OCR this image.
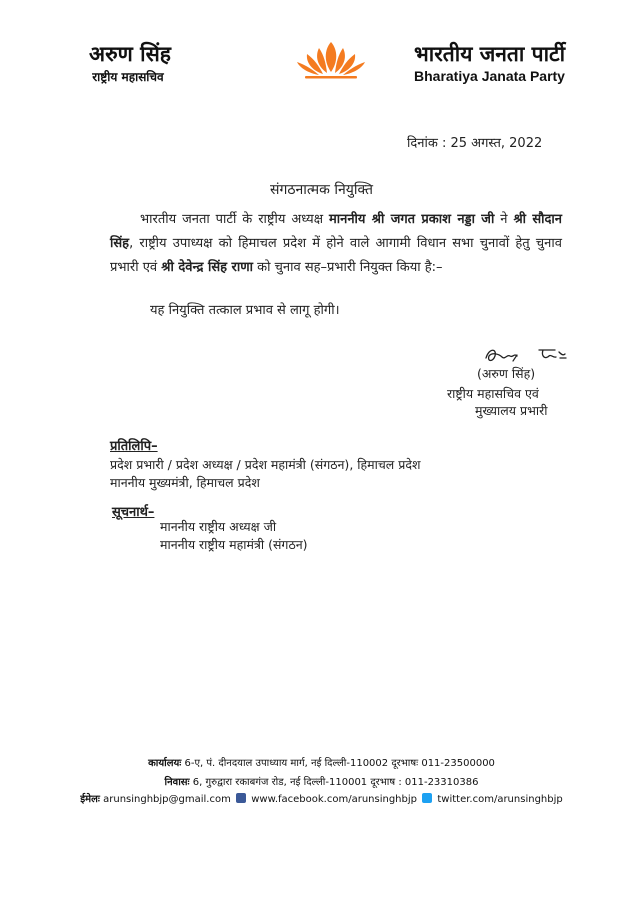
अरुण सिंह
राष्ट्रीय महासचिव
भारतीय जनता पार्टी
Bharatiya Janata Party
दिनांक : 25 अगस्त, 2022
संगठनात्मक नियुक्ति
भारतीय जनता पार्टी के राष्ट्रीय अध्यक्ष माननीय श्री जगत प्रकाश नड्डा जी ने श्री सौदान सिंह, राष्ट्रीय उपाध्यक्ष को हिमाचल प्रदेश में होने वाले आगामी विधान सभा चुनावों हेतु चुनाव प्रभारी एवं श्री देवेन्द्र सिंह राणा को चुनाव सह–प्रभारी नियुक्त किया है:–
यह नियुक्ति तत्काल प्रभाव से लागू होगी।
(अरुण सिंह)
राष्ट्रीय महासचिव एवं
मुख्यालय प्रभारी
प्रतिलिपि–
प्रदेश प्रभारी / प्रदेश अध्यक्ष / प्रदेश महामंत्री (संगठन), हिमाचल प्रदेश
माननीय मुख्यमंत्री, हिमाचल प्रदेश
सूचनार्थ–
माननीय राष्ट्रीय अध्यक्ष जी
माननीय राष्ट्रीय महामंत्री (संगठन)
कार्यालयः 6-ए, पं. दीनदयाल उपाध्याय मार्ग, नई दिल्ली-110002 दूरभाषः 011-23500000
निवासः 6, गुरुद्वारा रकाबगंज रोड, नई दिल्ली-110001 दूरभाष : 011-23310386
ईमेलः arunsinghbjp@gmail.com  www.facebook.com/arunsinghbjp  twitter.com/arunsinghbjp
